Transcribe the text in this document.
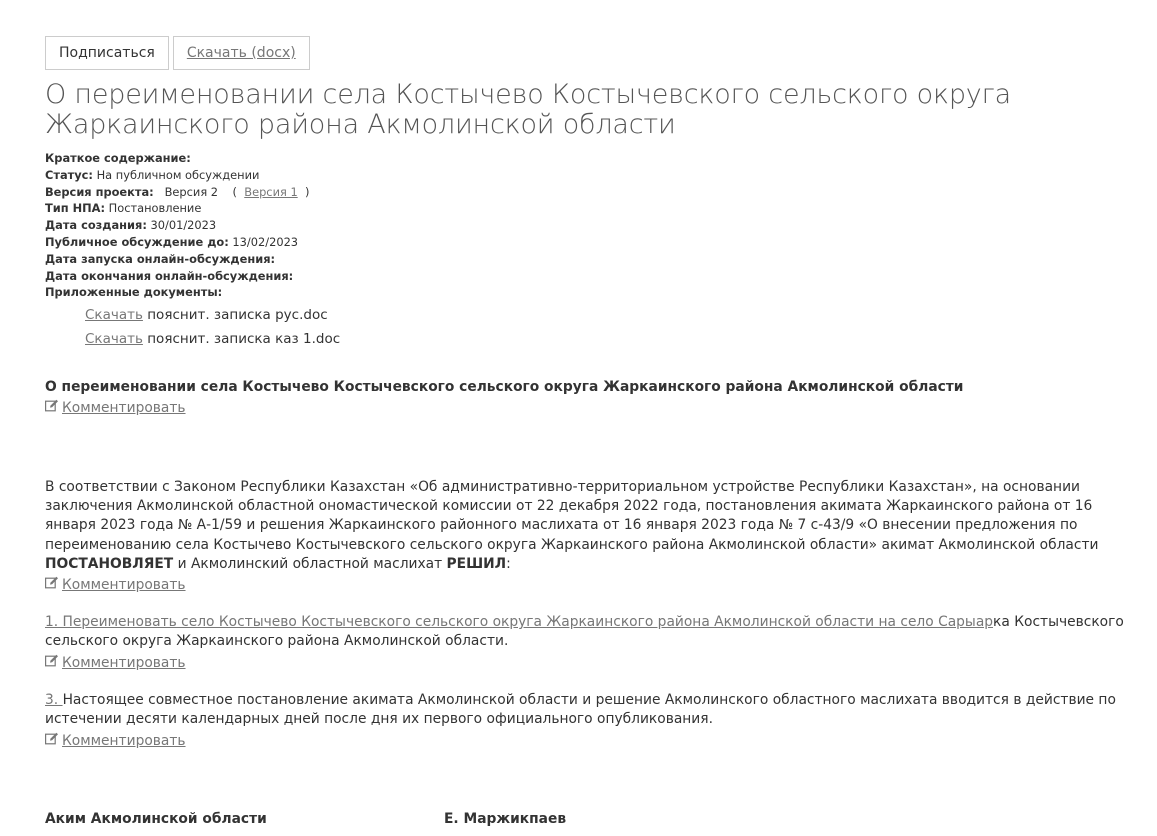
Подписаться	Скачать (docx)
О переименовании села Костычево Костычевского сельского округа Жаркаинского района Акмолинской области
Краткое содержание:
Статус: На публичном обсуждении
Версия проекта: Версия 2 ( Версия 1 )
Тип НПА: Постановление
Дата создания: 30/01/2023
Публичное обсуждение до: 13/02/2023
Дата запуска онлайн-обсуждения:
Дата окончания онлайн-обсуждения:
Приложенные документы:
Скачать пояснит. записка рус.doc
Скачать пояснит. записка каз 1.doc
О переименовании села Костычево Костычевского сельского округа Жаркаинского района Акмолинской области
Комментировать
В соответствии с Законом Республики Казахстан «Об административно-территориальном устройстве Республики Казахстан», на основании заключения Акмолинской областной ономастической комиссии от 22 декабря 2022 года, постановления акимата Жаркаинского района от 16 января 2023 года № А-1/59 и решения Жаркаинского районного маслихата от 16 января 2023 года № 7 с-43/9 «О внесении предложения по переименованию села Костычево Костычевского сельского округа Жаркаинского района Акмолинской области» акимат Акмолинской области ПОСТАНОВЛЯЕТ и Акмолинский областной маслихат РЕШИЛ:
Комментировать
1. Переименовать село Костычево Костычевского сельского округа Жаркаинского района Акмолинской области на село Сарыарка Костычевского сельского округа Жаркаинского района Акмолинской области.
Комментировать
3. Настоящее совместное постановление акимата Акмолинской области и решение Акмолинского областного маслихата вводится в действие по истечении десяти календарных дней после дня их первого официального опубликования.
Комментировать
Аким Акмолинской области	Е. Маржикпаев
